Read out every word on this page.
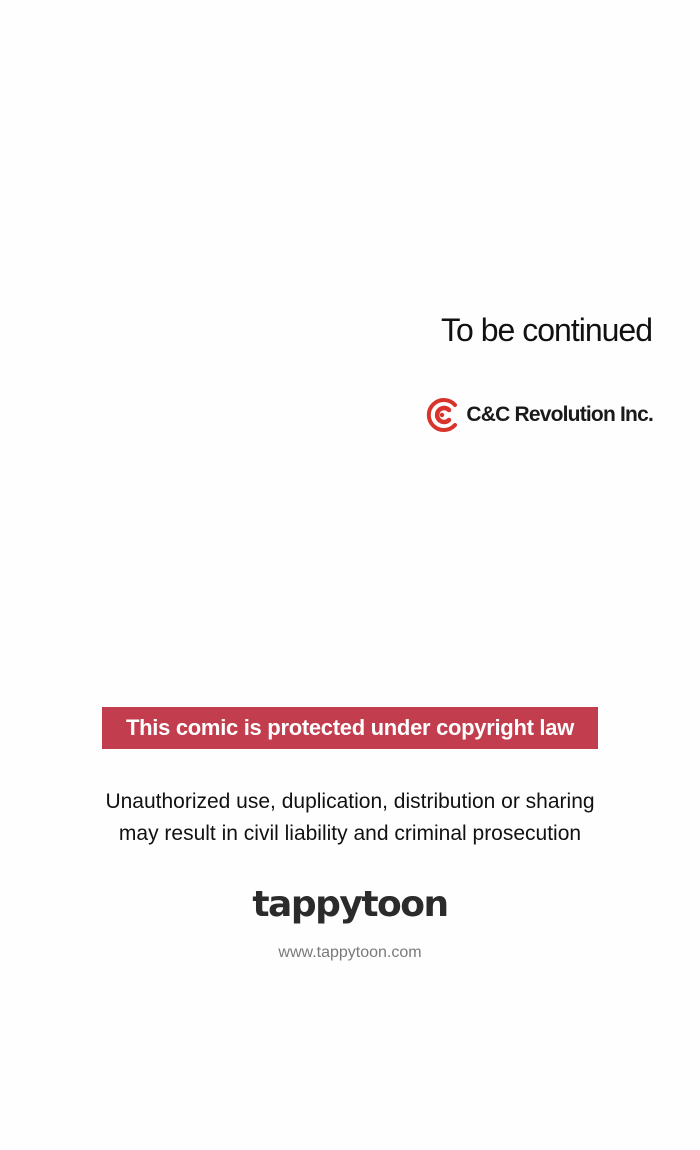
To be continued
C&C Revolution Inc.
This comic is protected under copyright law
Unauthorized use, duplication, distribution or sharing
may result in civil liability and criminal prosecution
tappytoon
www.tappytoon.com
